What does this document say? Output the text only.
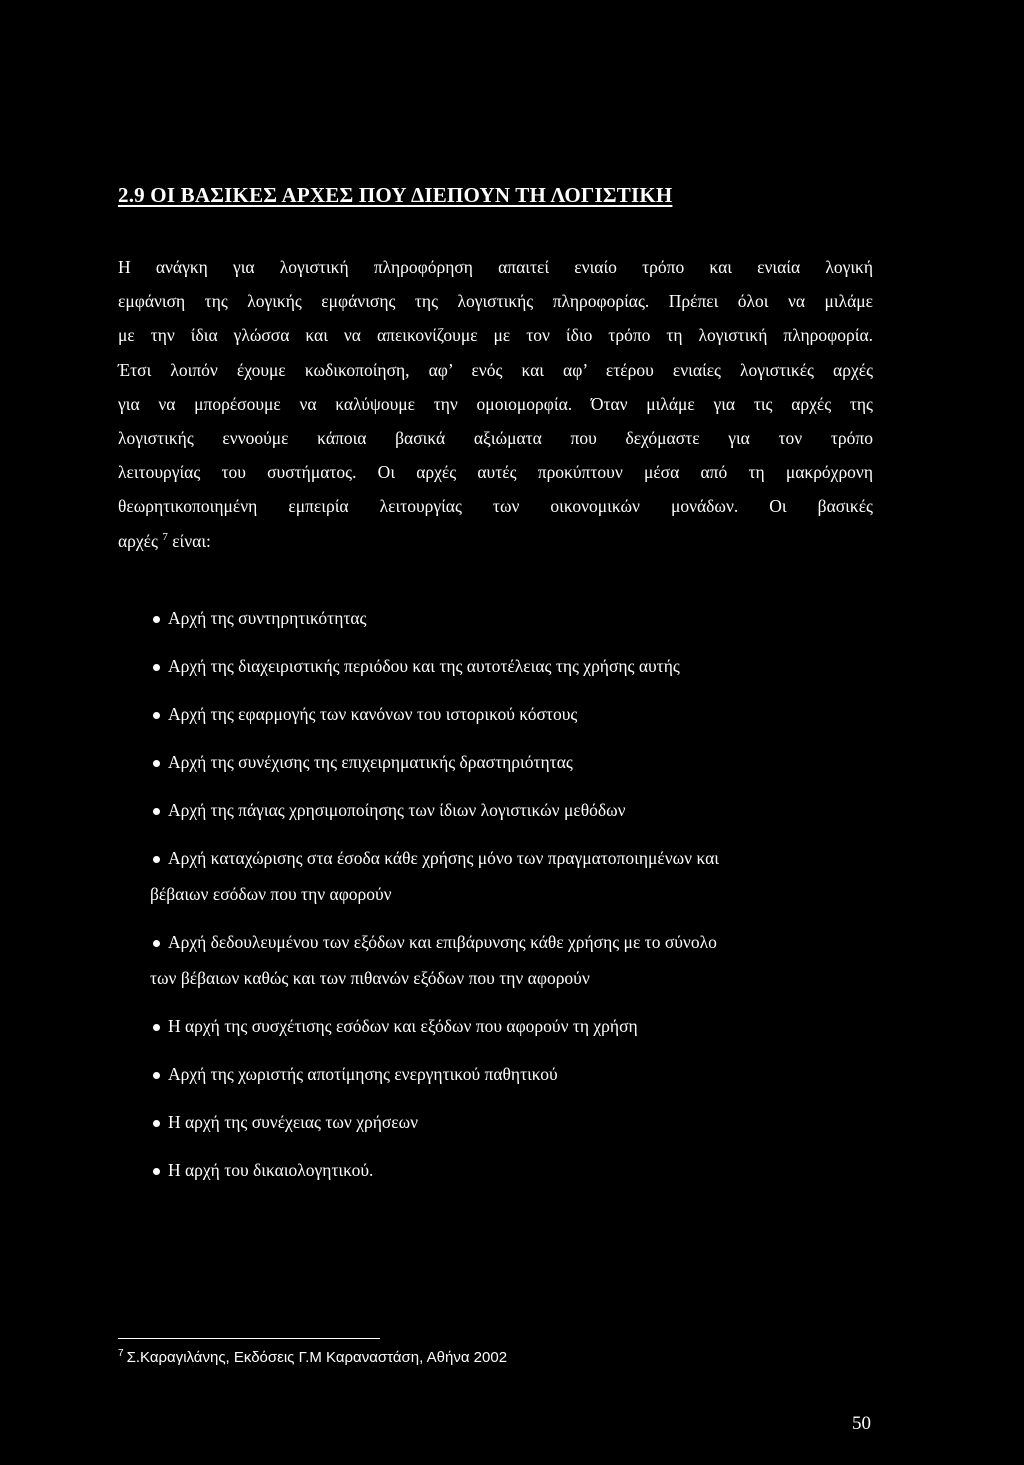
2.9 ΟΙ ΒΑΣΙΚΕΣ ΑΡΧΕΣ ΠΟΥ ΔΙΕΠΟΥΝ ΤΗ ΛΟΓΙΣΤΙΚΗ
Η ανάγκη για λογιστική πληροφόρηση απαιτεί ενιαίο τρόπο και ενιαία λογική
εμφάνιση της λογικής εμφάνισης της λογιστικής πληροφορίας. Πρέπει όλοι να μιλάμε
με την ίδια γλώσσα και να απεικονίζουμε με τον ίδιο τρόπο τη λογιστική πληροφορία.
Έτσι λοιπόν έχουμε κωδικοποίηση, αφ’ ενός και αφ’ ετέρου ενιαίες λογιστικές αρχές
για να μπορέσουμε να καλύψουμε την ομοιομορφία. Όταν μιλάμε για τις αρχές της
λογιστικής εννοούμε κάποια βασικά αξιώματα που δεχόμαστε για τον τρόπο
λειτουργίας του συστήματος. Οι αρχές αυτές προκύπτουν μέσα από τη μακρόχρονη
θεωρητικοποιημένη εμπειρία λειτουργίας των οικονομικών μονάδων. Οι βασικές
αρχές $^7$ είναι:
Αρχή της συντηρητικότητας
Αρχή της διαχειριστικής περιόδου και της αυτοτέλειας της χρήσης αυτής
Αρχή της εφαρμογής των κανόνων του ιστορικού κόστους
Αρχή της συνέχισης της επιχειρηματικής δραστηριότητας
Αρχή της πάγιας χρησιμοποίησης των ίδιων λογιστικών μεθόδων
Αρχή καταχώρισης στα έσοδα κάθε χρήσης μόνο των πραγματοποιημένων και
βέβαιων εσόδων που την αφορούν
Αρχή δεδουλευμένου των εξόδων και επιβάρυνσης κάθε χρήσης με το σύνολο
των βέβαιων καθώς και των πιθανών εξόδων που την αφορούν
Η αρχή της συσχέτισης εσόδων και εξόδων που αφορούν τη χρήση
Αρχή της χωριστής αποτίμησης ενεργητικού παθητικού
Η αρχή της συνέχειας των χρήσεων
Η αρχή του δικαιολογητικού.
$^7$ Σ.Καραγιλάνης, Εκδόσεις Γ.Μ Καραναστάση, Αθήνα 2002
50
